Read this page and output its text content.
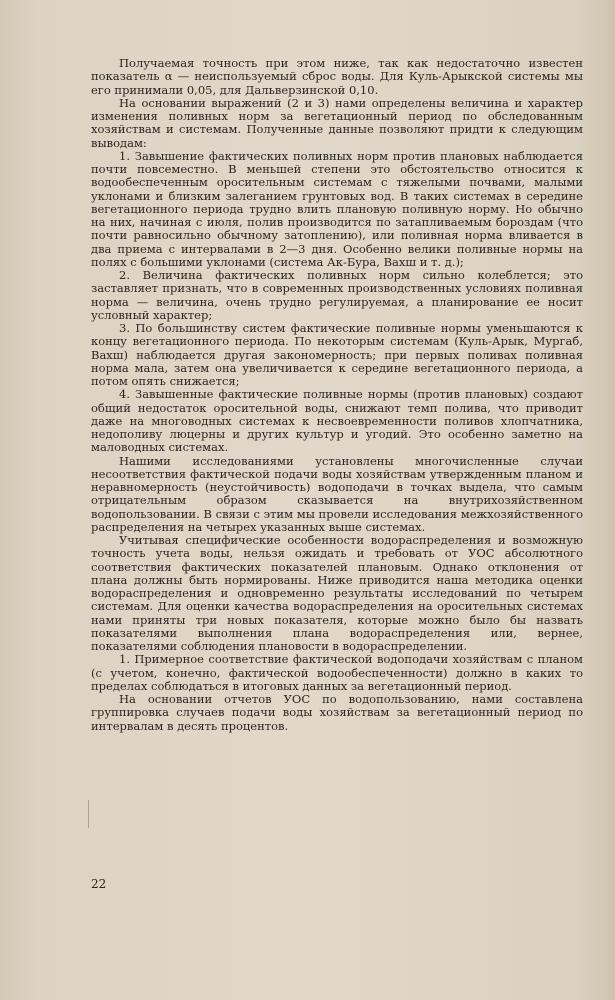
Получаемая точность при этом ниже, так как недостаточно известен показатель α — неиспользуемый сброс воды. Для Куль-Арыкской системы мы его принимали 0,05, для Дальверзинской 0,10.

На основании выражений (2 и 3) нами определены величина и характер изменения поливных норм за вегетационный период по обследованным хозяйствам и системам. Полученные данные позволяют придти к следующим выводам:

1. Завышение фактических поливных норм против плановых наблюдается почти повсеместно. В меньшей степени это обстоятельство относится к водообеспеченным оросительным системам с тяжелыми почвами, малыми уклонами и близким залеганием грунтовых вод. В таких системах в середине вегетационного периода трудно влить плановую поливную норму. Но обычно на них, начиная с июля, полив производится по затапливаемым бороздам (что почти равносильно обычному затоплению), или поливная норма вливается в два приема с интервалами в 2—3 дня. Особенно велики поливные нормы на полях с большими уклонами (система Ак-Бура, Вахш и т. д.);

2. Величина фактических поливных норм сильно колеблется; это заставляет признать, что в современных производственных условиях поливная норма — величина, очень трудно регулируемая, а планирование ее носит условный характер;

3. По большинству систем фактические поливные нормы уменьшаются к концу вегетационного периода. По некоторым системам (Куль-Арык, Мургаб, Вахш) наблюдается другая закономерность; при первых поливах поливная норма мала, затем она увеличивается к середине вегетационного периода, а потом опять снижается;

4. Завышенные фактические поливные нормы (против плановых) создают общий недостаток оросительной воды, снижают темп полива, что приводит даже на многоводных системах к несвоевременности поливов хлопчатника, недополиву люцерны и других культур и угодий. Это особенно заметно на маловодных системах.

Нашими исследованиями установлены многочисленные случаи несоответствия фактической подачи воды хозяйствам утвержденным планом и неравномерность (неустойчивость) водоподачи в точках выдела, что самым отрицательным образом сказывается на внутрихозяйственном водопользовании. В связи с этим мы провели исследования межхозяйственного распределения на четырех указанных выше системах.

Учитывая специфические особенности водораспределения и возможную точность учета воды, нельзя ожидать и требовать от УОС абсолютного соответствия фактических показателей плановым. Однако отклонения от плана должны быть нормированы. Ниже приводится наша методика оценки водораспределения и одновременно результаты исследований по четырем системам. Для оценки качества водораспределения на оросительных системах нами приняты три новых показателя, которые можно было бы назвать показателями выполнения плана водораспределения или, вернее, показателями соблюдения плановости в водораспределении.

1. Примерное соответствие фактической водоподачи хозяйствам с планом (с учетом, конечно, фактической водообеспеченности) должно в каких то пределах соблюдаться в итоговых данных за вегетационный период.

На основании отчетов УОС по водопользованию, нами составлена группировка случаев подачи воды хозяйствам за вегетационный период по интервалам в десять процентов.

22
